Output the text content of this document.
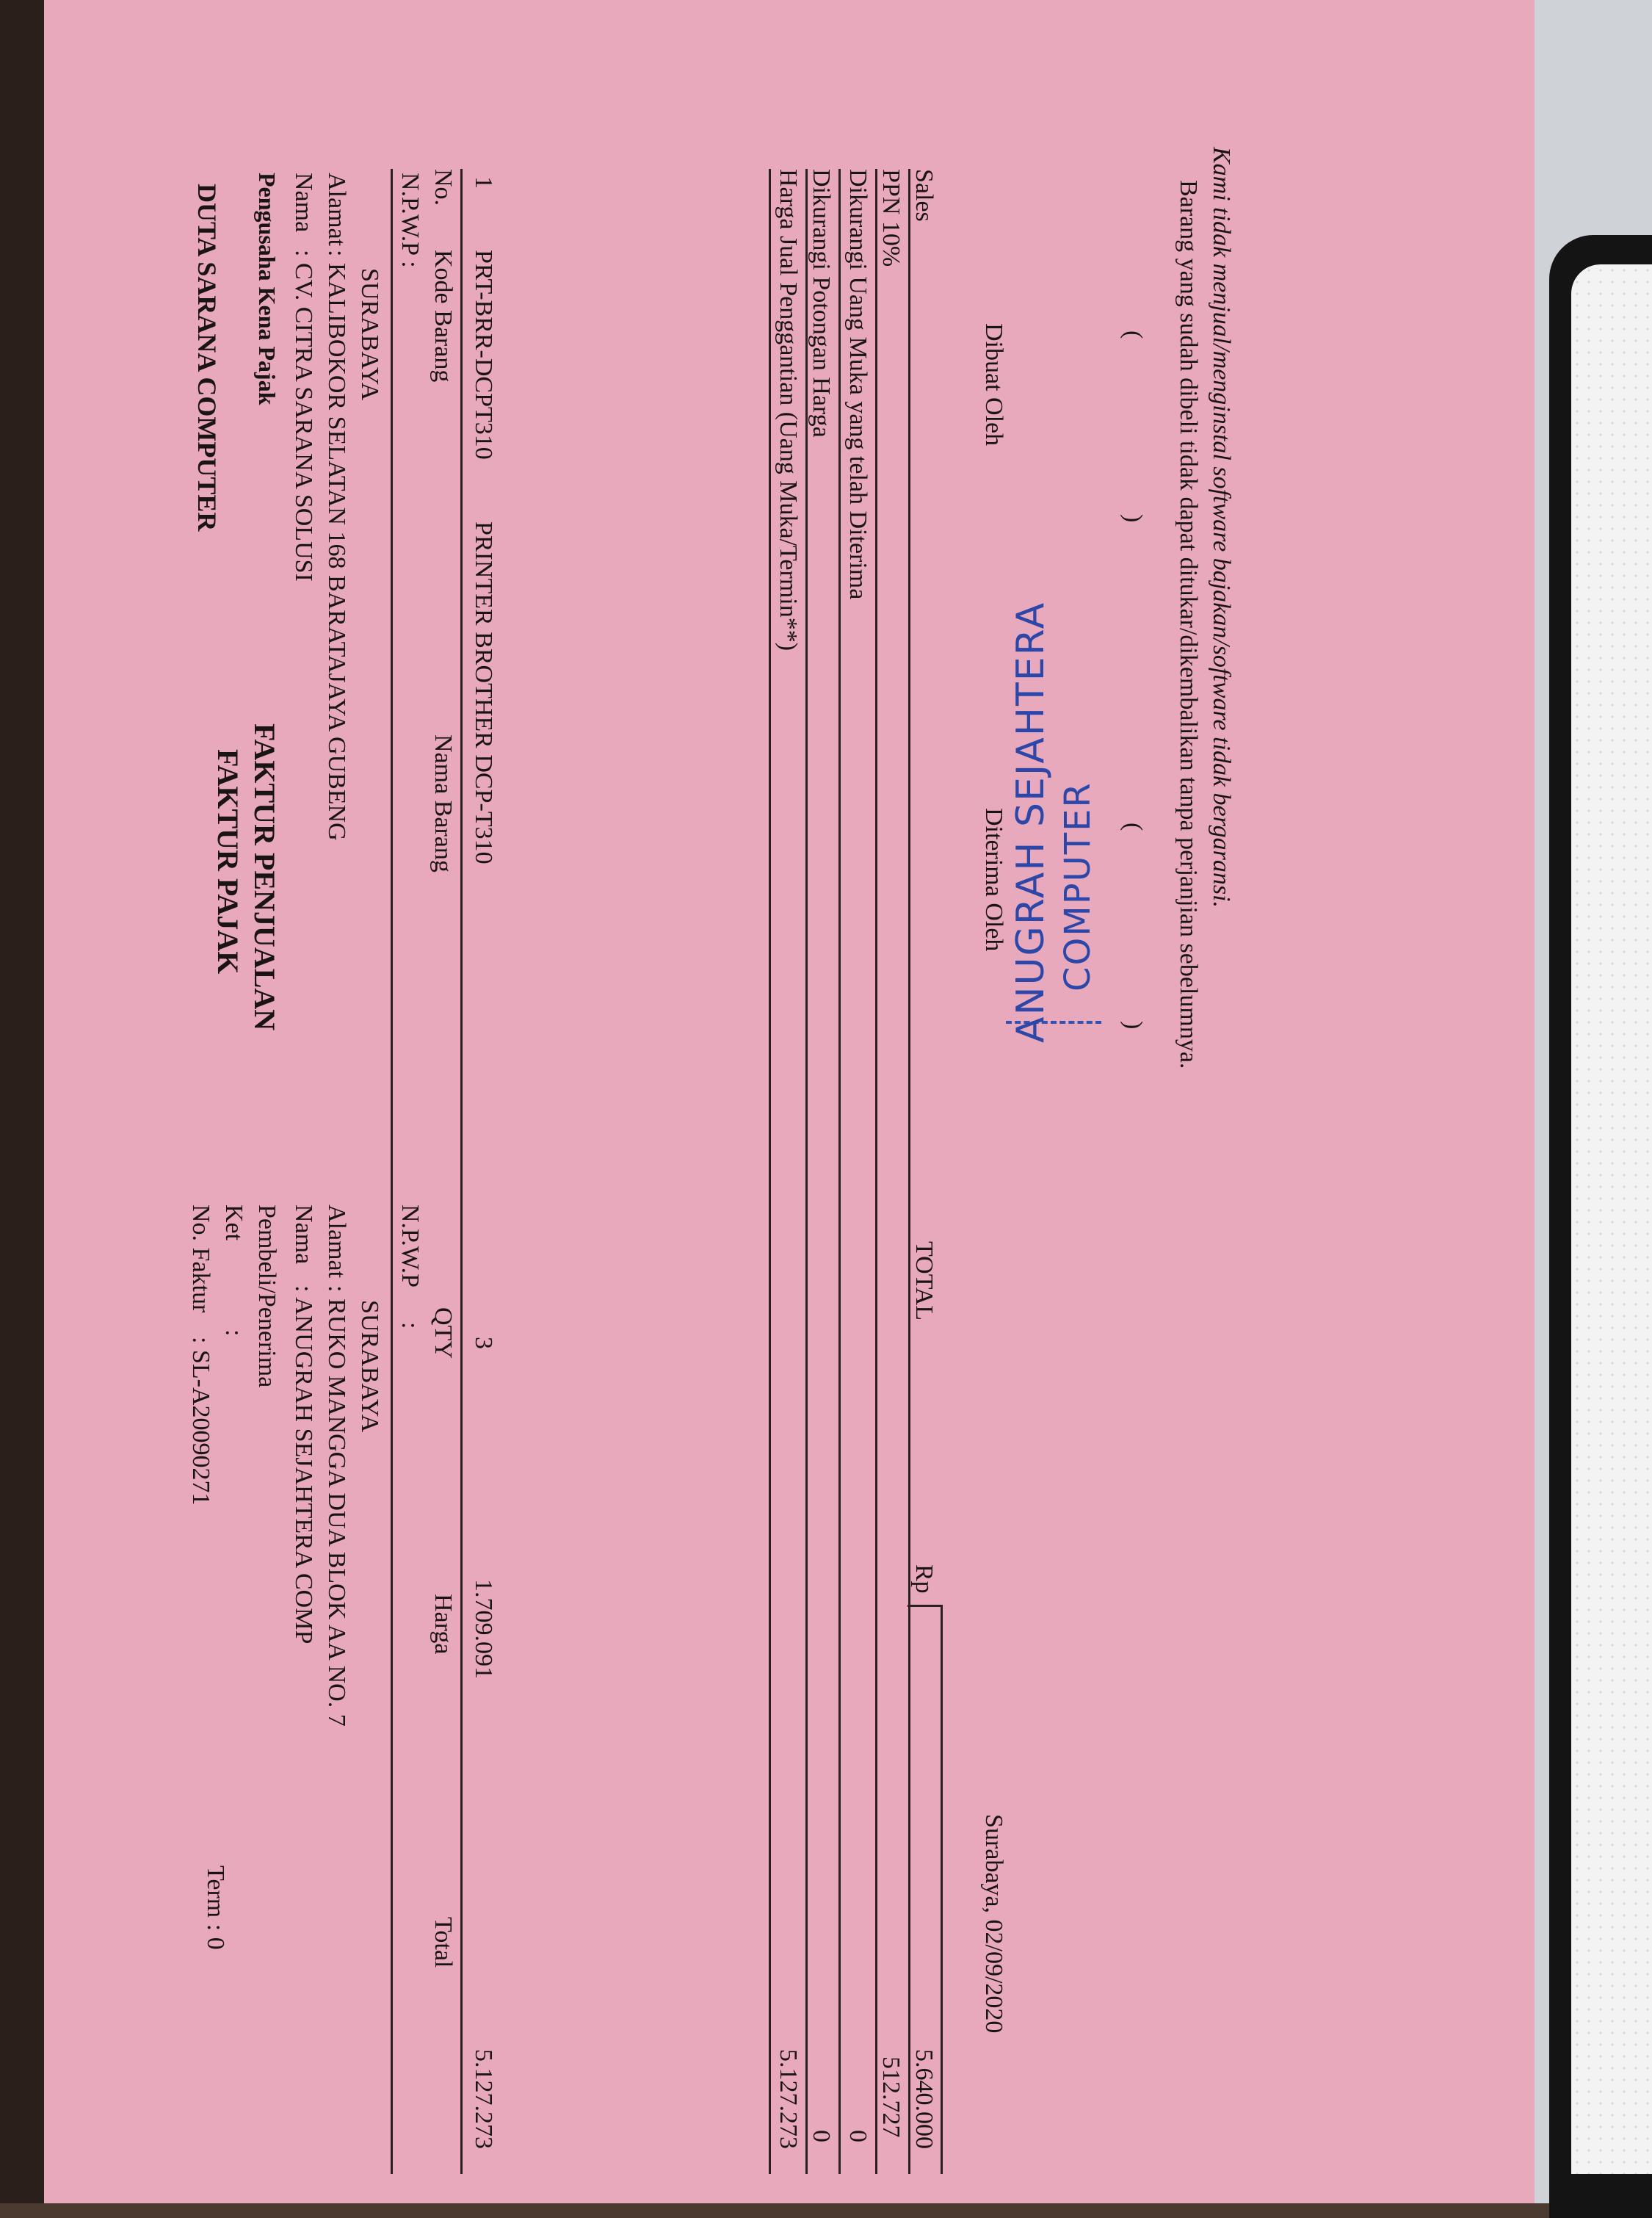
DUTA SARANA COMPUTER
FAKTUR PAJAK FAKTUR PENJUALAN
No. Faktur
: SL-A20090271
Ket
:
Term : 0
Pengusaha Kena Pajak Nama
: CV. CITRA SARANA SOLUSI
Alamat
: KALIBOKOR SELATAN 168 BARATAJAYA GUBENG SURABAYA
N.P.W.P :
Pembeli/Penerima Nama
: ANUGRAH SEJAHTERA COMP
Alamat
: RUKO MANGGA DUA BLOK AA NO. 7 SURABAYA
N.P.W.P
:
No.
Kode Barang
Nama Barang
QTY
Harga
Total
1
PRT-BRR-DCPT310
PRINTER BROTHER DCP-T310
3
1.709.091
5.127.273
Harga Jual Penggantian (Uang Muka/Termin**)
5.127.273
Dikurangi Potongan Harga
0
Dikurangi Uang Muka yang telah Diterima
0
PPN 10%
512.727
Sales
TOTAL
Rp
5.640.000
Dibuat Oleh
Diterima Oleh
Surabaya, 02/09/2020
(
)
(
)
ANUGRAH SEJAHTERA COMPUTER	Barang yang sudah dibeli tidak dapat ditukar/dikembalikan tanpa perjanjian sebelumnya. Kami tidak menjual/menginstal software bajakan/software tidak bergaransi.
